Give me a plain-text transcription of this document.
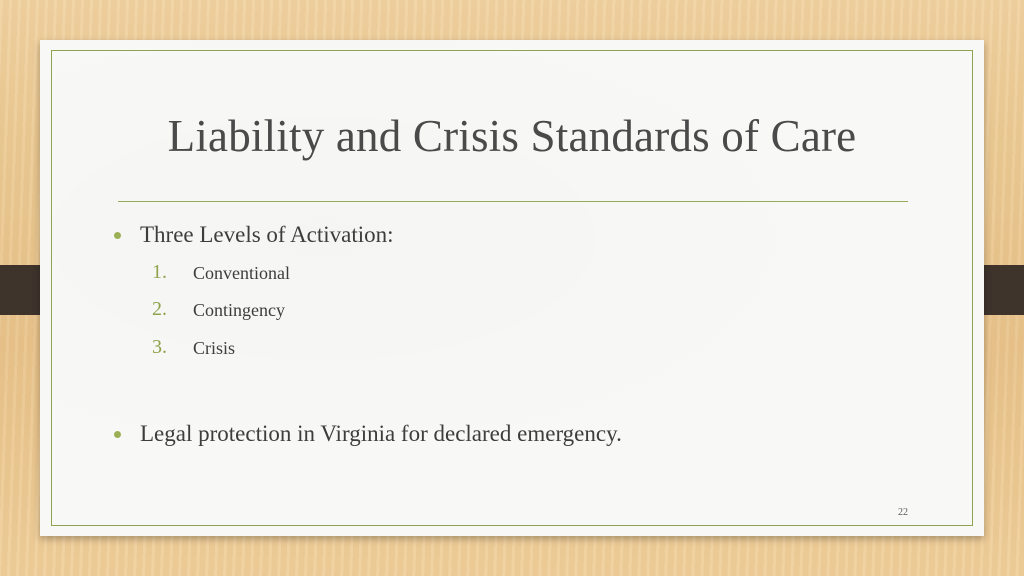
Liability and Crisis Standards of Care
Three Levels of Activation:
1. Conventional
2. Contingency
3. Crisis
Legal protection in Virginia for declared emergency.
22
